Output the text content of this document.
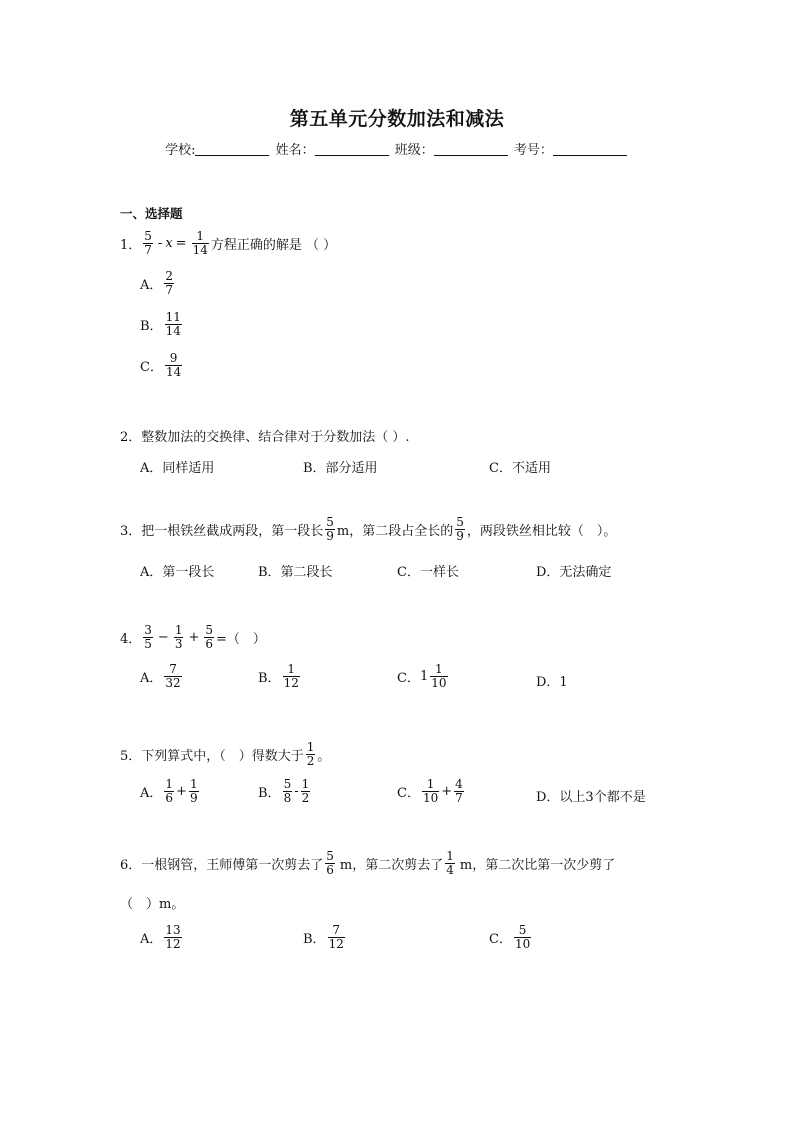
第五单元分数加法和减法
学校:	姓名：	班级：	考号：
一、选择题
1． $\frac{5}{7} - x = \frac{1}{14}$ 方程正确的解是 （ ）
A． $\frac{2}{7}$
B． $\frac{11}{14}$
C． $\frac{9}{14}$
2．整数加法的交换律、结合律对于分数加法（ ）.
A．同样适用	B．部分适用	C．不适用
3．把一根铁丝截成两段，第一段长 $\frac{5}{9}$ m，第二段占全长的 $\frac{5}{9}$ ，两段铁丝相比较（　）。
A．第一段长	B．第二段长	C．一样长	D．无法确定
4． $\frac{3}{5} - \frac{1}{3} + \frac{5}{6}$ =（　）
A． $\frac{7}{32}$	B． $\frac{1}{12}$	C． $1 \frac{1}{10}$	D．1
5．下列算式中，（　）得数大于 $\frac{1}{2}$ 。
A． $\frac{1}{6} + \frac{1}{9}$	B． $\frac{5}{8} - \frac{1}{2}$	C． $\frac{1}{10} + \frac{4}{7}$	D．以上3个都不是
6．一根钢管，王师傅第一次剪去了 $\frac{5}{6}$ m，第二次剪去了 $\frac{1}{4}$ m，第二次比第一次少剪了
（　）m。
A． $\frac{13}{12}$	B． $\frac{7}{12}$	C． $\frac{5}{10}$
